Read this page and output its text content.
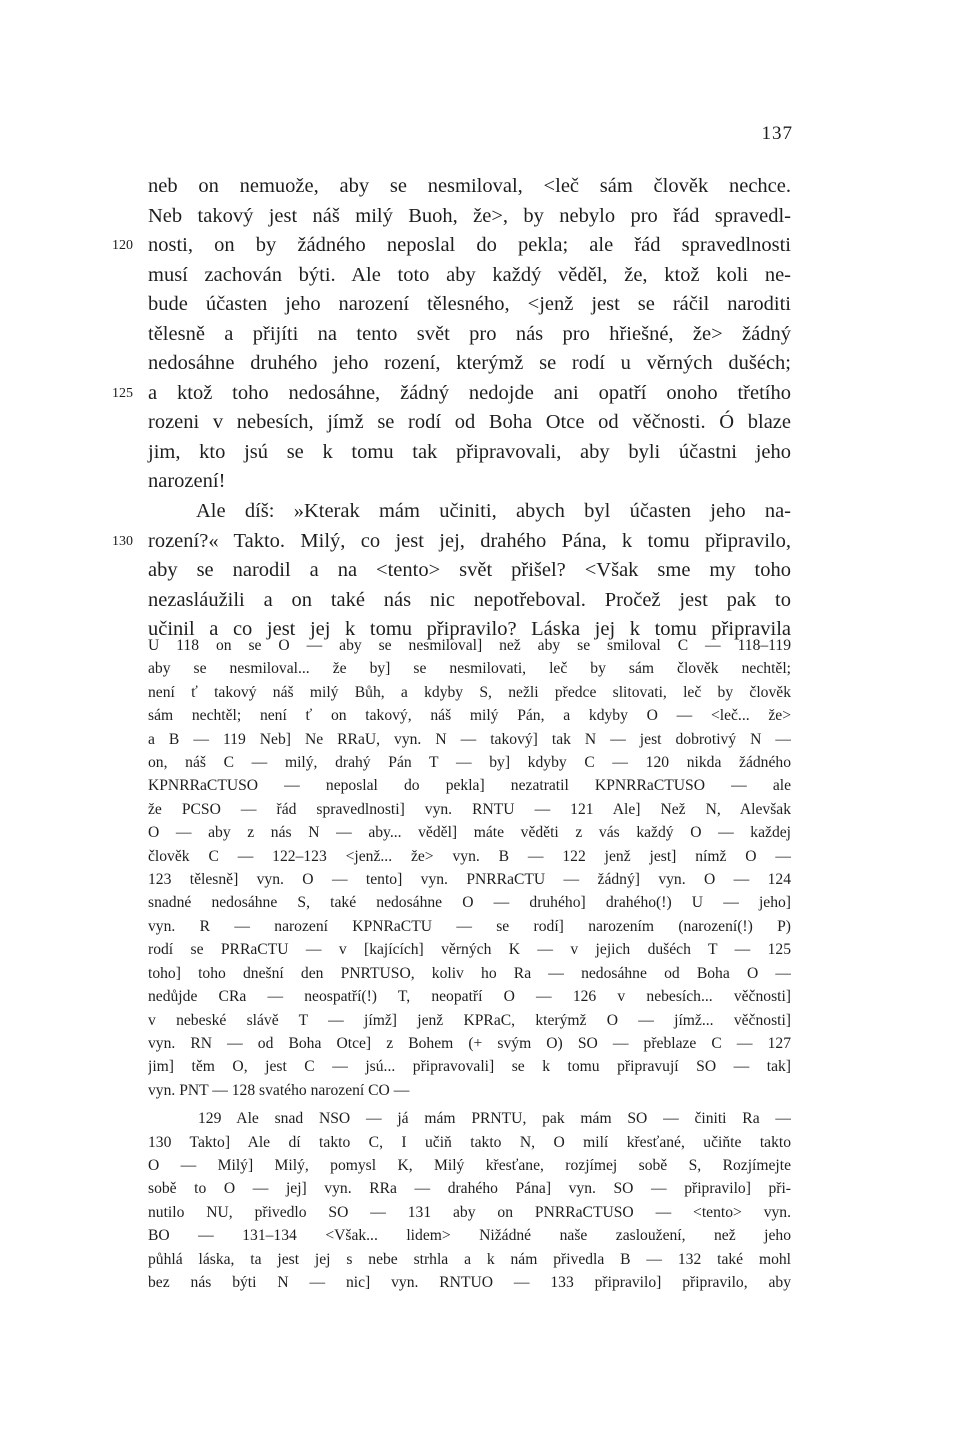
137
neb on nemuože, aby se nesmiloval, <leč sám člověk nechce.
Neb takový jest náš milý Buoh, že>, by nebylo pro řád spravedl-
120 nosti, on by žádného neposlal do pekla; ale řád spravedlnosti
musí zachován býti. Ale toto aby každý věděl, že, ktož koli ne-
bude účasten jeho narození tělesného, <jenž jest se ráčil naroditi
tělesně a přijíti na tento svět pro nás pro hřiešné, že> žádný
nedosáhne druhého jeho rození, kterýmž se rodí u věrných dušéch;
125 a ktož toho nedosáhne, žádný nedojde ani opatří onoho třetího
rozeni v nebesích, jímž se rodí od Boha Otce od věčnosti. Ó blaze
jim, kto jsú se k tomu tak připravovali, aby byli účastni jeho
narození!
Ale díš: »Kterak mám učiniti, abych byl účasten jeho na-
130 rození?« Takto. Milý, co jest jej, drahého Pána, k tomu připravilo,
aby se narodil a na <tento> svět přišel? <Však sme my toho
nezasláužili a on také nás nic nepotřeboval. Pročež jest pak to
učinil a co jest jej k tomu připravilo? Láska jej k tomu připravila
U 118 on se O — aby se nesmiloval] než aby se smiloval C — 118–119
aby se nesmiloval... že by] se nesmilovati, leč by sám člověk nechtěl;
není ť takový náš milý Bůh, a kdyby S, nežli předce slitovati, leč by člověk
sám nechtěl; není ť on takový, náš milý Pán, a kdyby O — <leč... že>
a B — 119 Neb] Ne RRaU, vyn. N — takový] tak N — jest dobrotivý N —
on, náš C — milý, drahý Pán T — by] kdyby C — 120 nikda žádného
KPNRRaCTUSO — neposlal do pekla] nezatratil KPNRRaCTUSO — ale
že PCSO — řád spravedlnosti] vyn. RNTU — 121 Ale] Než N, Alevšak
O — aby z nás N — aby... věděl] máte věděti z vás každý O — každej
člověk C — 122–123 <jenž... že> vyn. B — 122 jenž jest] nímž O —
123 tělesně] vyn. O — tento] vyn. PNRRaCTU — žádný] vyn. O — 124
snadné nedosáhne S, také nedosáhne O — druhého] drahého(!) U — jeho]
vyn. R — narození KPNRaCTU — se rodí] narozením (narození(!) P)
rodí se PRRaCTU — v [kajících] věrných K — v jejich dušéch T — 125
toho] toho dnešní den PNRTUSO, koliv ho Ra — nedosáhne od Boha O —
nedůjde CRa — neospatří(!) T, neopatří O — 126 v nebesích... věčnosti]
v nebeské slávě T — jímž] jenž KPRaC, kterýmž O — jímž... věčnosti]
vyn. RN — od Boha Otce] z Bohem (+ svým O) SO — přeblaze C — 127
jim] těm O, jest C — jsú... připravovali] se k tomu připravují SO — tak]
vyn. PNT — 128 svatého narození CO —
129 Ale snad NSO — já mám PRNTU, pak mám SO — činiti Ra —
130 Takto] Ale dí takto C, I učiň takto N, O milí křesťané, učiňte takto
O — Milý] Milý, pomysl K, Milý křesťane, rozjímej sobě S, Rozjímejte
sobě to O — jej] vyn. RRa — drahého Pána] vyn. SO — připravilo] při-
nutilo NU, přivedlo SO — 131 aby on PNRRaCTUSO — <tento> vyn.
BO — 131–134 <Však... lidem> Nižádné naše zasloužení, než jeho
půhlá láska, ta jest jej s nebe strhla a k nám přivedla B — 132 také mohl
bez nás býti N — nic] vyn. RNTUO — 133 připravilo] připravilo, aby
